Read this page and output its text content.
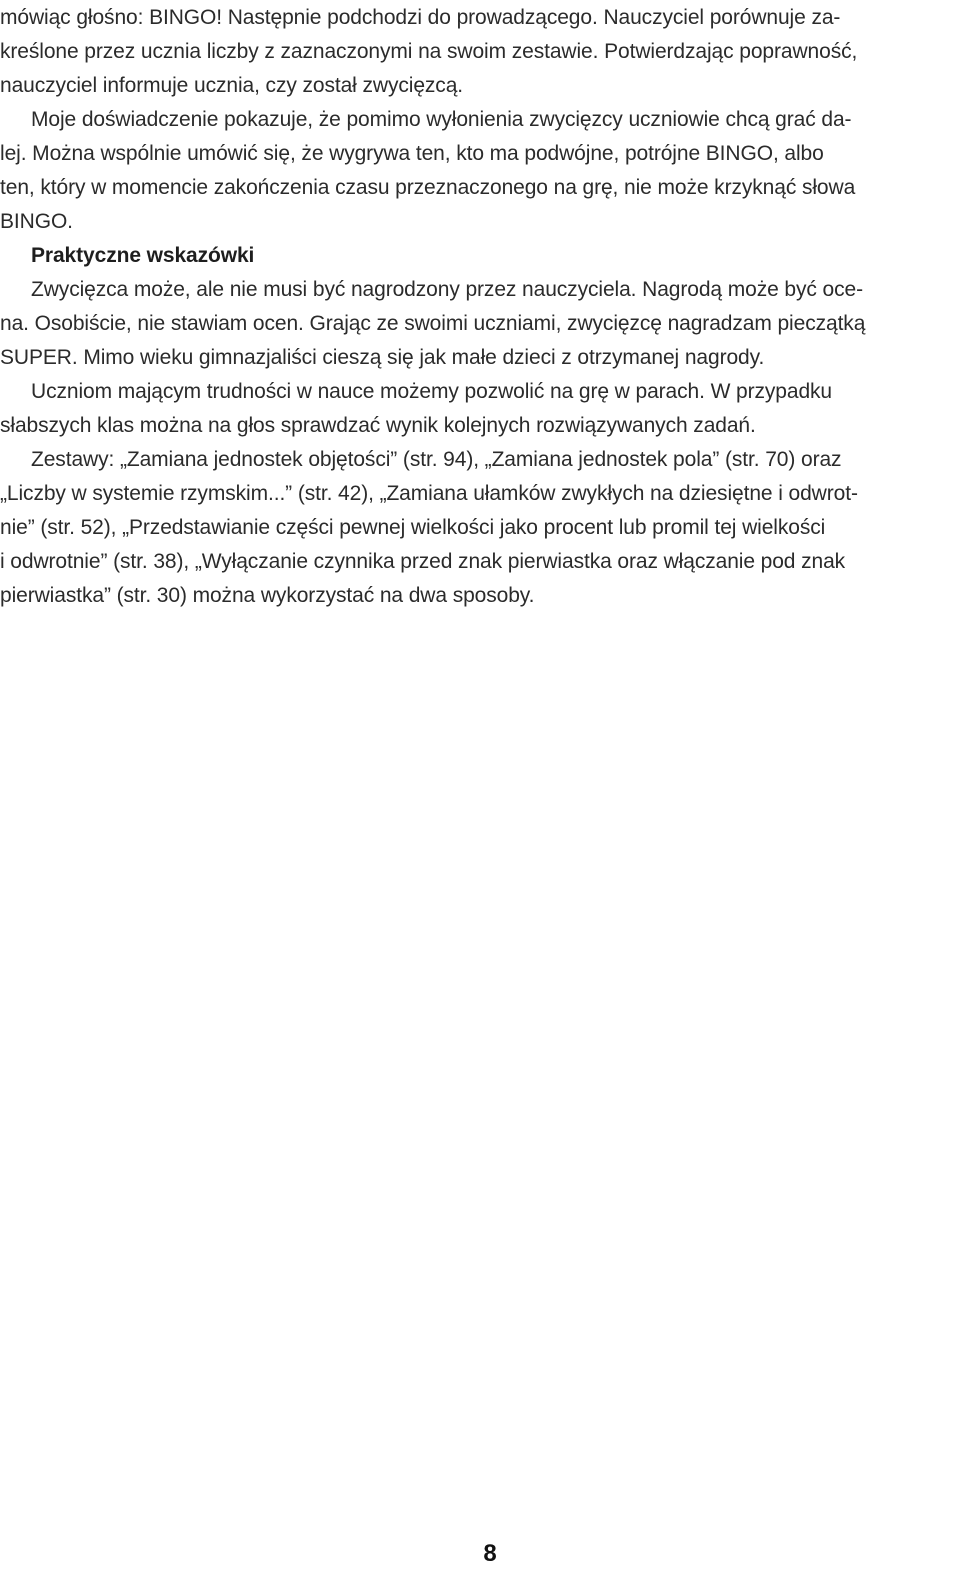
mówiąc głośno: BINGO! Następnie podchodzi do prowadzącego. Nauczyciel porównuje za-
kreślone przez ucznia liczby z zaznaczonymi na swoim zestawie. Potwierdzając poprawność,
nauczyciel informuje ucznia, czy został zwycięzcą.
Moje doświadczenie pokazuje, że pomimo wyłonienia zwycięzcy uczniowie chcą grać da-
lej. Można wspólnie umówić się, że wygrywa ten, kto ma podwójne, potrójne BINGO, albo
ten, który w momencie zakończenia czasu przeznaczonego na grę, nie może krzyknąć słowa
BINGO.
Praktyczne wskazówki
Zwycięzca może, ale nie musi być nagrodzony przez nauczyciela. Nagrodą może być oce-
na. Osobiście, nie stawiam ocen. Grając ze swoimi uczniami, zwycięzcę nagradzam pieczątką
SUPER. Mimo wieku gimnazjaliści cieszą się jak małe dzieci z otrzymanej nagrody.
Uczniom mającym trudności w nauce możemy pozwolić na grę w parach. W przypadku
słabszych klas można na głos sprawdzać wynik kolejnych rozwiązywanych zadań.
Zestawy: „Zamiana jednostek objętości” (str. 94), „Zamiana jednostek pola” (str. 70) oraz
„Liczby w systemie rzymskim...” (str. 42), „Zamiana ułamków zwykłych na dziesiętne i odwrot-
nie” (str. 52), „Przedstawianie części pewnej wielkości jako procent lub promil tej wielkości
i odwrotnie” (str. 38), „Wyłączanie czynnika przed znak pierwiastka oraz włączanie pod znak
pierwiastka” (str. 30) można wykorzystać na dwa sposoby.
8
